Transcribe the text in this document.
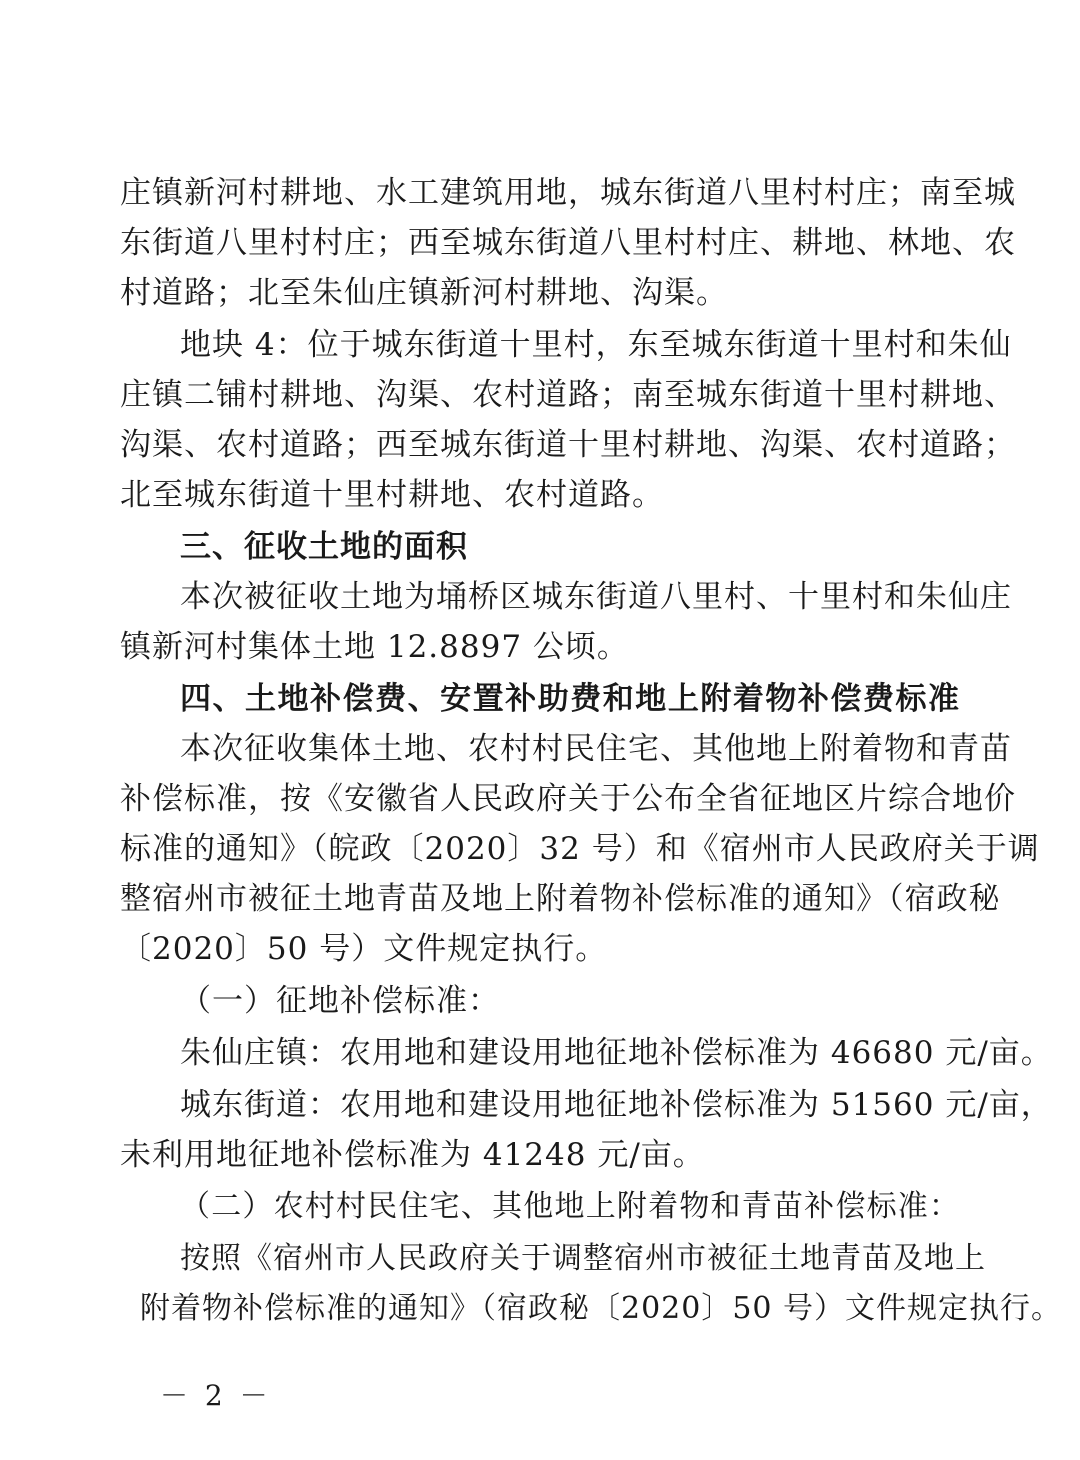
庄镇新河村耕地、水工建筑用地，城东街道八里村村庄；南至城
东街道八里村村庄；西至城东街道八里村村庄、耕地、林地、农
村道路；北至朱仙庄镇新河村耕地、沟渠。
地块 4：位于城东街道十里村，东至城东街道十里村和朱仙
庄镇二铺村耕地、沟渠、农村道路；南至城东街道十里村耕地、
沟渠、农村道路；西至城东街道十里村耕地、沟渠、农村道路；
北至城东街道十里村耕地、农村道路。
三、征收土地的面积
本次被征收土地为埇桥区城东街道八里村、十里村和朱仙庄
镇新河村集体土地 12.8897 公顷。
四、土地补偿费、安置补助费和地上附着物补偿费标准
本次征收集体土地、农村村民住宅、其他地上附着物和青苗
补偿标准，按《安徽省人民政府关于公布全省征地区片综合地价
标准的通知》（皖政〔2020〕32 号）和《宿州市人民政府关于调
整宿州市被征土地青苗及地上附着物补偿标准的通知》（宿政秘
〔2020〕50 号）文件规定执行。
（一）征地补偿标准：
朱仙庄镇：农用地和建设用地征地补偿标准为 46680 元/亩。
城东街道：农用地和建设用地征地补偿标准为 51560 元/亩，
未利用地征地补偿标准为 41248 元/亩。
－ 2 －
（二）农村村民住宅、其他地上附着物和青苗补偿标准：
按照《宿州市人民政府关于调整宿州市被征土地青苗及地上
附着物补偿标准的通知》（宿政秘〔2020〕50 号）文件规定执行。
